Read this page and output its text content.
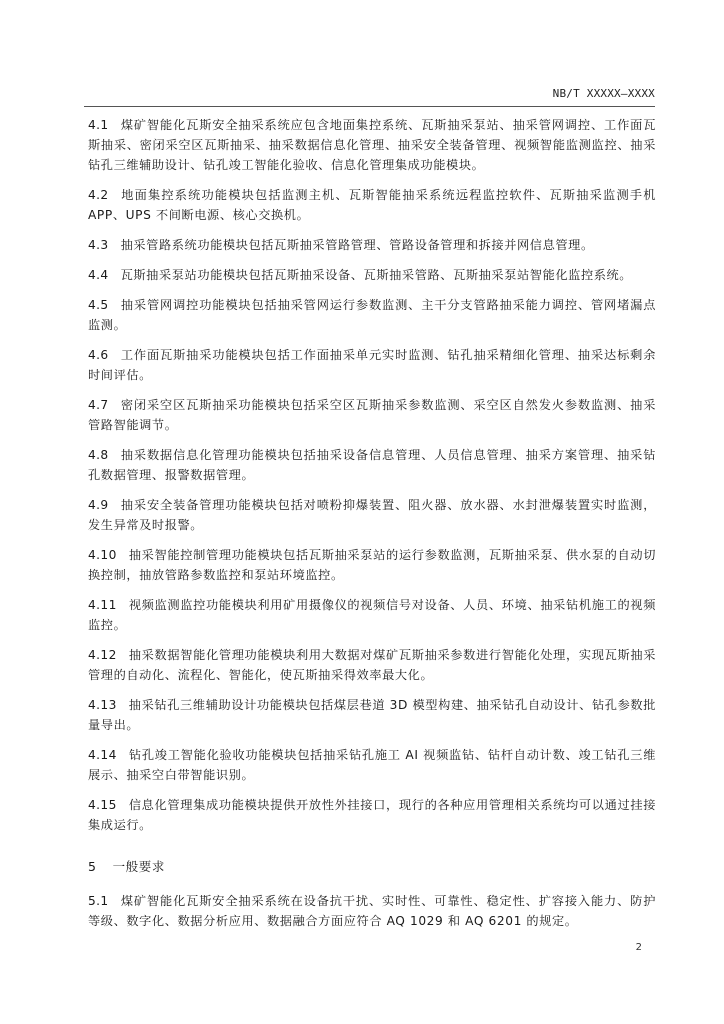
NB/T XXXXX—XXXX

4.1 煤矿智能化瓦斯安全抽采系统应包含地面集控系统、瓦斯抽采泵站、抽采管网调控、工作面瓦斯抽采、密闭采空区瓦斯抽采、抽采数据信息化管理、抽采安全装备管理、视频智能监测监控、抽采钻孔三维辅助设计、钻孔竣工智能化验收、信息化管理集成功能模块。

4.2 地面集控系统功能模块包括监测主机、瓦斯智能抽采系统远程监控软件、瓦斯抽采监测手机 APP、UPS 不间断电源、核心交换机。

4.3 抽采管路系统功能模块包括瓦斯抽采管路管理、管路设备管理和拆接并网信息管理。

4.4 瓦斯抽采泵站功能模块包括瓦斯抽采设备、瓦斯抽采管路、瓦斯抽采泵站智能化监控系统。

4.5 抽采管网调控功能模块包括抽采管网运行参数监测、主干分支管路抽采能力调控、管网堵漏点监测。

4.6 工作面瓦斯抽采功能模块包括工作面抽采单元实时监测、钻孔抽采精细化管理、抽采达标剩余时间评估。

4.7 密闭采空区瓦斯抽采功能模块包括采空区瓦斯抽采参数监测、采空区自然发火参数监测、抽采管路智能调节。

4.8 抽采数据信息化管理功能模块包括抽采设备信息管理、人员信息管理、抽采方案管理、抽采钻孔数据管理、报警数据管理。

4.9 抽采安全装备管理功能模块包括对喷粉抑爆装置、阻火器、放水器、水封泄爆装置实时监测，发生异常及时报警。

4.10 抽采智能控制管理功能模块包括瓦斯抽采泵站的运行参数监测，瓦斯抽采泵、供水泵的自动切换控制，抽放管路参数监控和泵站环境监控。

4.11 视频监测监控功能模块利用矿用摄像仪的视频信号对设备、人员、环境、抽采钻机施工的视频监控。

4.12 抽采数据智能化管理功能模块利用大数据对煤矿瓦斯抽采参数进行智能化处理，实现瓦斯抽采管理的自动化、流程化、智能化，使瓦斯抽采得效率最大化。

4.13 抽采钻孔三维辅助设计功能模块包括煤层巷道 3D 模型构建、抽采钻孔自动设计、钻孔参数批量导出。

4.14 钻孔竣工智能化验收功能模块包括抽采钻孔施工 AI 视频监钻、钻杆自动计数、竣工钻孔三维展示、抽采空白带智能识别。

4.15 信息化管理集成功能模块提供开放性外挂接口，现行的各种应用管理相关系统均可以通过挂接集成运行。

5 一般要求

5.1 煤矿智能化瓦斯安全抽采系统在设备抗干扰、实时性、可靠性、稳定性、扩容接入能力、防护等级、数字化、数据分析应用、数据融合方面应符合 AQ 1029 和 AQ 6201 的规定。

2
